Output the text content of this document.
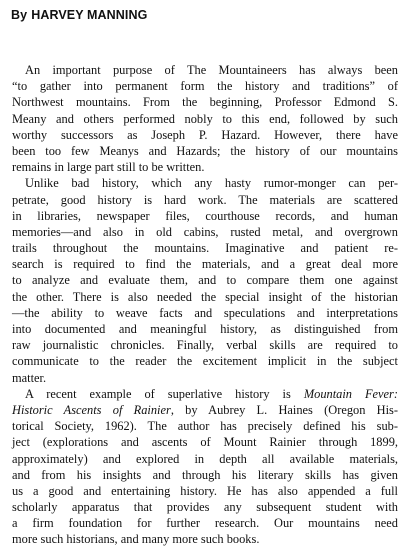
By HARVEY MANNING
An important purpose of The Mountaineers has always been
“to gather into permanent form the history and traditions” of
Northwest mountains. From the beginning, Professor Edmond S.
Meany and others performed nobly to this end, followed by such
worthy successors as Joseph P. Hazard. However, there have
been too few Meanys and Hazards; the history of our mountains
remains in large part still to be written.
Unlike bad history, which any hasty rumor-monger can per-
petrate, good history is hard work. The materials are scattered
in libraries, newspaper files, courthouse records, and human
memories—and also in old cabins, rusted metal, and overgrown
trails throughout the mountains. Imaginative and patient re-
search is required to find the materials, and a great deal more
to analyze and evaluate them, and to compare them one against
the other. There is also needed the special insight of the historian
—the ability to weave facts and speculations and interpretations
into documented and meaningful history, as distinguished from
raw journalistic chronicles. Finally, verbal skills are required to
communicate to the reader the excitement implicit in the subject
matter.
A recent example of superlative history is Mountain Fever:
Historic Ascents of Rainier, by Aubrey L. Haines (Oregon His-
torical Society, 1962). The author has precisely defined his sub-
ject (explorations and ascents of Mount Rainier through 1899,
approximately) and explored in depth all available materials,
and from his insights and through his literary skills has given
us a good and entertaining history. He has also appended a full
scholarly apparatus that provides any subsequent student with
a firm foundation for further research. Our mountains need
more such historians, and many more such books.
